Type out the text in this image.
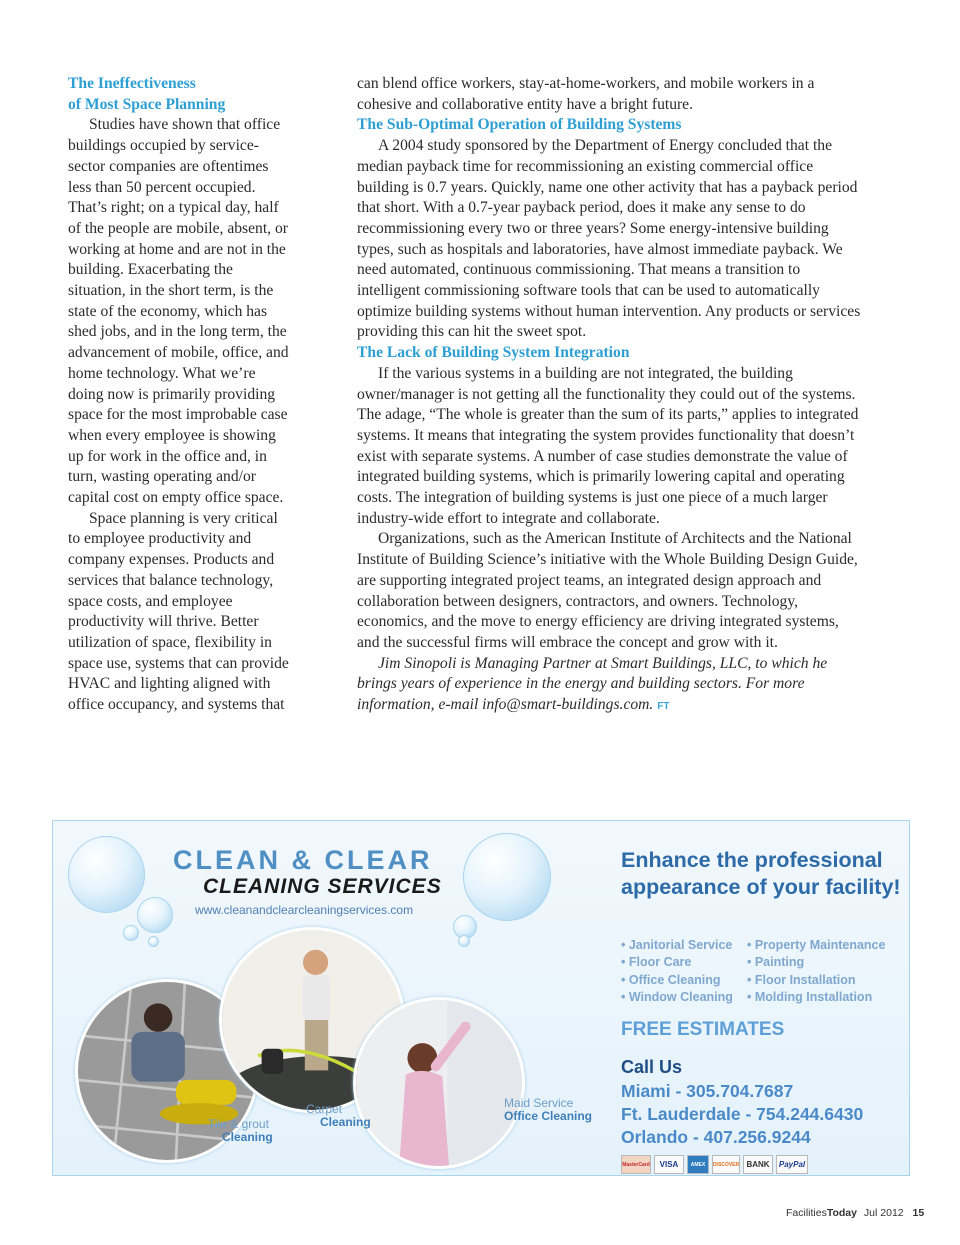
The Ineffectiveness
of Most Space Planning

Studies have shown that office buildings occupied by service-sector companies are oftentimes less than 50 percent occupied. That’s right; on a typical day, half of the people are mobile, absent, or working at home and are not in the building. Exacerbating the situation, in the short term, is the state of the economy, which has shed jobs, and in the long term, the advancement of mobile, office, and home technology. What we’re doing now is primarily providing space for the most improbable case when every employee is showing up for work in the office and, in turn, wasting operating and/or capital cost on empty office space.

Space planning is very critical to employee productivity and company expenses. Products and services that balance technology, space costs, and employee productivity will thrive. Better utilization of space, flexibility in space use, systems that can provide HVAC and lighting aligned with office occupancy, and systems that

can blend office workers, stay-at-home-workers, and mobile workers in a cohesive and collaborative entity have a bright future.

The Sub-Optimal Operation of Building Systems

A 2004 study sponsored by the Department of Energy concluded that the median payback time for recommissioning an existing commercial office building is 0.7 years. Quickly, name one other activity that has a payback period that short. With a 0.7-year payback period, does it make any sense to do recommissioning every two or three years? Some energy-intensive building types, such as hospitals and laboratories, have almost immediate payback. We need automated, continuous commissioning. That means a transition to intelligent commissioning software tools that can be used to automatically optimize building systems without human intervention. Any products or services providing this can hit the sweet spot.

The Lack of Building System Integration

If the various systems in a building are not integrated, the building owner/manager is not getting all the functionality they could out of the systems. The adage, “The whole is greater than the sum of its parts,” applies to integrated systems. It means that integrating the system provides functionality that doesn’t exist with separate systems. A number of case studies demonstrate the value of integrated building systems, which is primarily lowering capital and operating costs. The integration of building systems is just one piece of a much larger industry-wide effort to integrate and collaborate.

Organizations, such as the American Institute of Architects and the National Institute of Building Science’s initiative with the Whole Building Design Guide, are supporting integrated project teams, an integrated design approach and collaboration between designers, contractors, and owners. Technology, economics, and the move to energy efficiency are driving integrated systems, and the successful firms will embrace the concept and grow with it.

Jim Sinopoli is Managing Partner at Smart Buildings, LLC, to which he brings years of experience in the energy and building sectors. For more information, e-mail info@smart-buildings.com. FT

CLEAN & CLEAR
CLEANING SERVICES
www.cleanandclearcleaningservices.com
Tile & grout
Cleaning
Carpet
Cleaning
Maid Service
Office Cleaning

Enhance the professional
appearance of your facility!

• Janitorial Service
• Floor Care
• Office Cleaning
• Window Cleaning
• Property Maintenance
• Painting
• Floor Installation
• Molding Installation
FREE ESTIMATES
Call Us
Miami - 305.704.7687
Ft. Lauderdale - 754.244.6430
Orlando - 407.256.9244
MasterCard VISA AMEX DISCOVER BANK PayPal
FacilitiesToday Jul 2012 15
